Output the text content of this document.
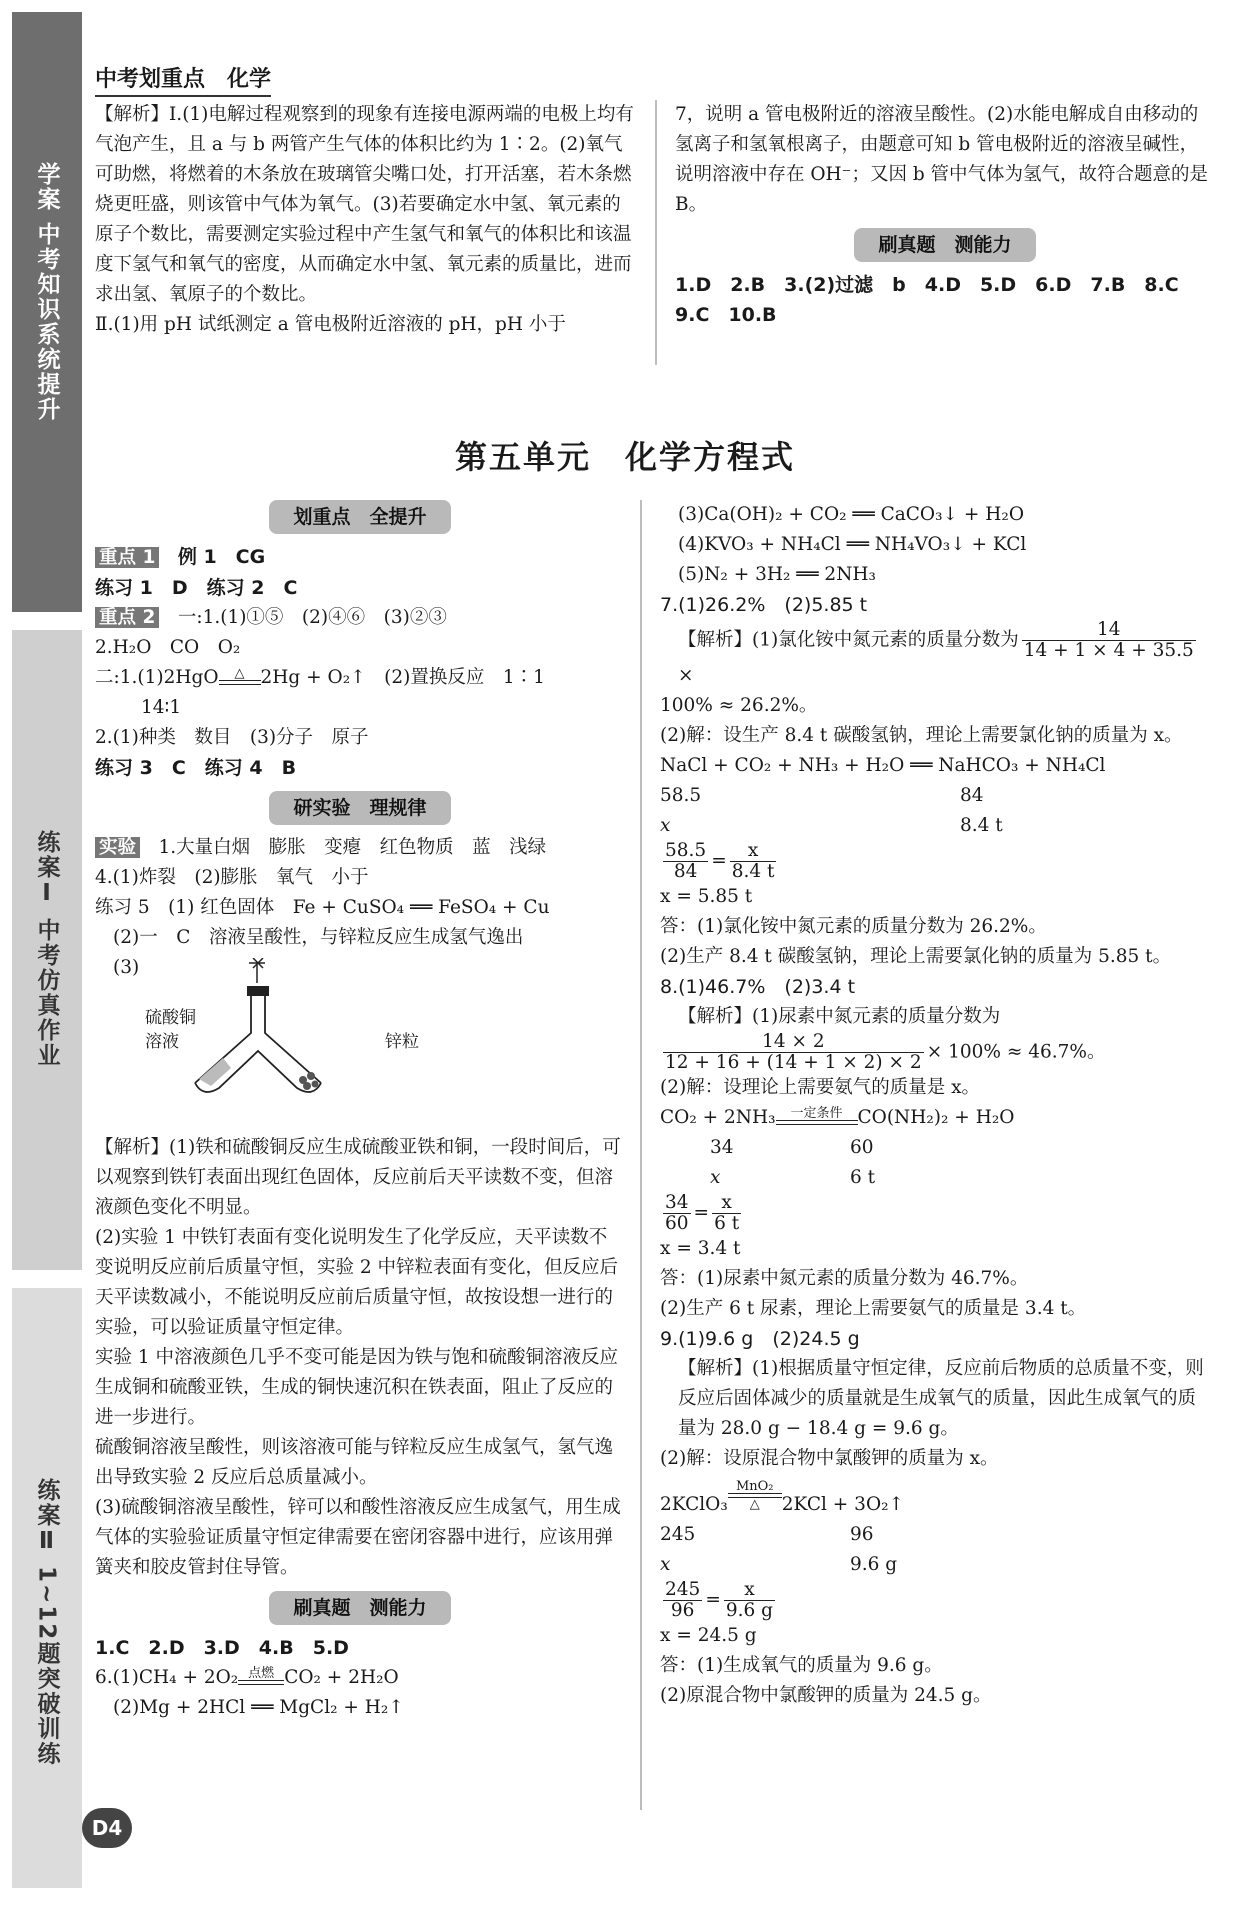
学案 中考知识系统提升
练案Ⅰ 中考仿真作业
练案Ⅱ 1~12题突破训练
中考划重点　化学

【解析】Ⅰ.(1)电解过程观察到的现象有连接电源两端的电极上均有气泡产生，且 a 与 b 两管产生气体的体积比约为 1∶2。(2)氧气可助燃，将燃着的木条放在玻璃管尖嘴口处，打开活塞，若木条燃烧更旺盛，则该管中气体为氧气。(3)若要确定水中氢、氧元素的原子个数比，需要测定实验过程中产生氢气和氧气的体积比和该温度下氢气和氧气的密度，从而确定水中氢、氧元素的质量比，进而求出氢、氧原子的个数比。

Ⅱ.(1)用 pH 试纸测定 a 管电极附近溶液的 pH，pH 小于

7，说明 a 管电极附近的溶液呈酸性。(2)水能电解成自由移动的氢离子和氢氧根离子，由题意可知 b 管电极附近的溶液呈碱性，说明溶液中存在 OH⁻；又因 b 管中气体为氢气，故符合题意的是 B。

刷真题　测能力

1.D　2.B　3.(2)过滤　b　4.D　5.D　6.D　7.B　8.C

9.C　10.B

第五单元　化学方程式
划重点　全提升

重点 1　 例 1　CG

练习 1　D　练习 2　C

重点 2　 一:1.(1)①⑤　(2)④⑥　(3)②③

2.H₂O　CO　O₂

二:1.(1)2HgO	△ 2Hg + O₂↑　(2)置换反应　1∶1

14∶1

2.(1)种类　数目　(3)分子　原子

练习 3　C　练习 4　B

研实验　理规律

实验　 1.大量白烟　膨胀　变瘪　红色物质　蓝　浅绿

4.(1)炸裂　(2)膨胀　氧气　小于

练习 5　(1) 红色固体　Fe + CuSO₄ ══ FeSO₄ + Cu

(2)一　C　溶液呈酸性，与锌粒反应生成氢气逸出

(3)

硫酸铜
溶液	锌粒

【解析】(1)铁和硫酸铜反应生成硫酸亚铁和铜，一段时间后，可以观察到铁钉表面出现红色固体，反应前后天平读数不变，但溶液颜色变化不明显。

(2)实验 1 中铁钉表面有变化说明发生了化学反应，天平读数不变说明反应前后质量守恒，实验 2 中锌粒表面有变化，但反应后天平读数减小，不能说明反应前后质量守恒，故按设想一进行的实验，可以验证质量守恒定律。

实验 1 中溶液颜色几乎不变可能是因为铁与饱和硫酸铜溶液反应生成铜和硫酸亚铁，生成的铜快速沉积在铁表面，阻止了反应的进一步进行。

硫酸铜溶液呈酸性，则该溶液可能与锌粒反应生成氢气，氢气逸出导致实验 2 反应后总质量减小。

(3)硫酸铜溶液呈酸性，锌可以和酸性溶液反应生成氢气，用生成气体的实验验证质量守恒定律需要在密闭容器中进行，应该用弹簧夹和胶皮管封住导管。

刷真题　测能力

1.C　2.D　3.D　4.B　5.D

6.(1)CH₄ + 2O₂ 点燃 CO₂ + 2H₂O

(2)Mg + 2HCl ══ MgCl₂ + H₂↑

(3)Ca(OH)₂ + CO₂ ══ CaCO₃↓ + H₂O

(4)KVO₃ + NH₄Cl ══ NH₄VO₃↓ + KCl

(5)N₂ + 3H₂ ══ 2NH₃

7.(1)26.2%　(2)5.85 t

【解析】(1)氯化铵中氮元素的质量分数为 $\frac{14}{14 + 1 \times 4 + 35.5}$
×

100% ≈ 26.2%。

(2)解：设生产 8.4 t 碳酸氢钠，理论上需要氯化钠的质量为 x。

NaCl + CO₂ + NH₃ + H₂O ══ NaHCO₃ + NH₄Cl

58.5	84

x	8.4 t

$\frac{58.5}{84} = \frac{x}{8.4 t}$

x = 5.85 t

答：(1)氯化铵中氮元素的质量分数为 26.2%。

(2)生产 8.4 t 碳酸氢钠，理论上需要氯化钠的质量为 5.85 t。

8.(1)46.7%　(2)3.4 t

【解析】(1)尿素中氮元素的质量分数为

$\frac{14 \times 2}{12 + 16 + (14 + 1 \times 2) \times 2} \times 100\% \approx 46.7\%$。

(2)解：设理论上需要氨气的质量是 x。

CO₂ + 2NH₃	一定条件 CO(NH₂)₂ + H₂O

34	60

x	6 t

$\frac{34}{60} = \frac{x}{6 t}$

x = 3.4 t

答：(1)尿素中氮元素的质量分数为 46.7%。

(2)生产 6 t 尿素，理论上需要氨气的质量是 3.4 t。

9.(1)9.6 g　(2)24.5 g

【解析】(1)根据质量守恒定律，反应前后物质的总质量不变，则反应后固体减少的质量就是生成氧气的质量，因此生成氧气的质量为 28.0 g − 18.4 g = 9.6 g。

(2)解：设原混合物中氯酸钾的质量为 x。

2KClO₃
MnO₂
△	2KCl + 3O₂↑

245	96

x	9.6 g

$\frac{245}{96} = \frac{x}{9.6 g}$

x = 24.5 g

答：(1)生成氧气的质量为 9.6 g。

(2)原混合物中氯酸钾的质量为 24.5 g。

D4
